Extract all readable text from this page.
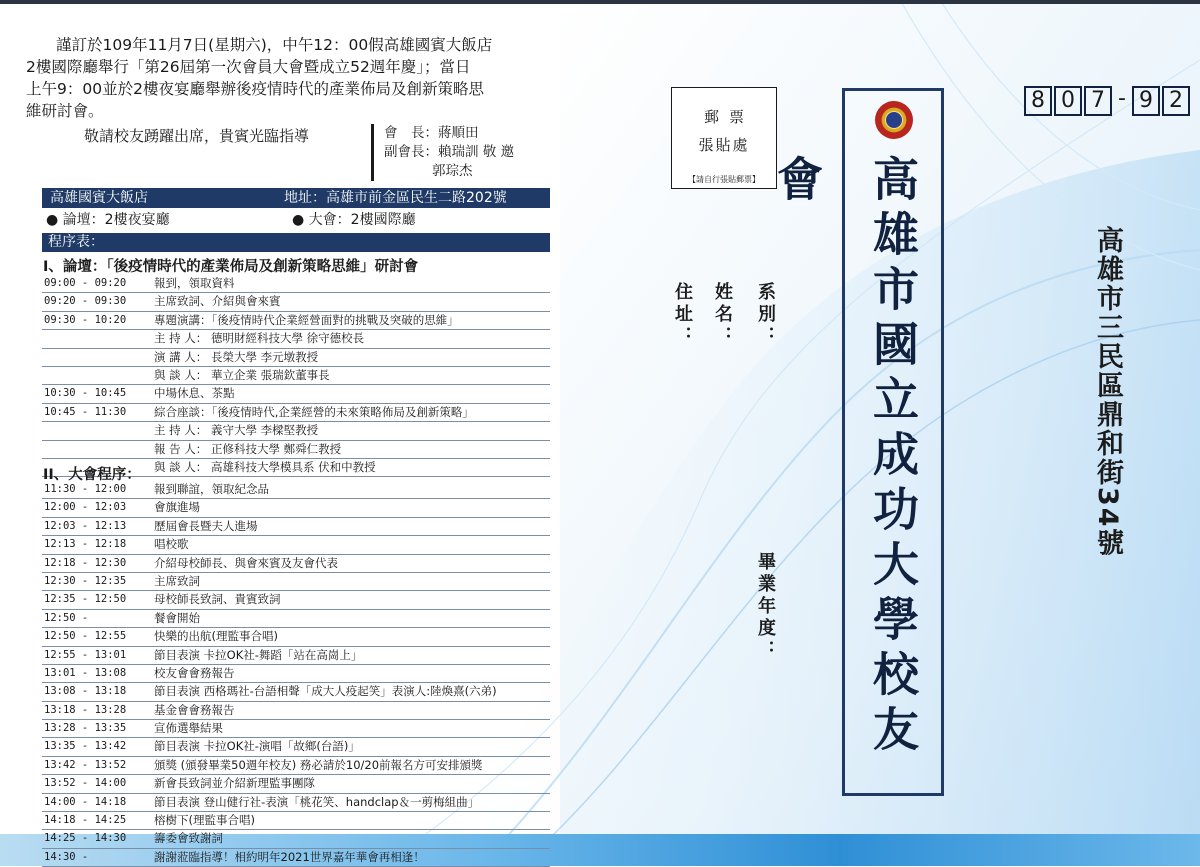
謹訂於109年11月7日(星期六)，中午12：00假高雄國賓大飯店

2樓國際廳舉行「第26屆第一次會員大會暨成立52週年慶」；當日

上午9：00並於2樓夜宴廳舉辦後疫情時代的產業佈局及創新策略思

維研討會。

敬請校友踴躍出席，貴賓光臨指導	會　長：蔣順田
副會長：賴瑞訓 敬 邀
郭琮杰
高雄國賓大飯店	地址：高雄市前金區民生二路202號
● 論壇：2樓夜宴廳	● 大會：2樓國際廳
程序表：
I、論壇：「後疫情時代的產業佈局及創新策略思維」研討會
09:00 - 09:20 報到，領取資料
09:20 - 09:30 主席致詞、介紹與會來賓
09:30 - 10:20 專題演講：「後疫情時代企業經營面對的挑戰及突破的思維」
主 持 人： 德明財經科技大學 徐守德校長
演 講 人： 長榮大學 李元墩教授
與 談 人： 華立企業 張瑞欽董事長
10:30 - 10:45 中場休息、茶點
10:45 - 11:30 綜合座談：「後疫情時代,企業經營的未來策略佈局及創新策略」
主 持 人： 義守大學 李樑堅教授
報 告 人： 正修科技大學 鄭舜仁教授
與 談 人： 高雄科技大學模具系 伏和中教授
II、大會程序：
11:30 - 12:00 報到聯誼，領取紀念品
12:00 - 12:03 會旗進場
12:03 - 12:13 歷屆會長暨夫人進場
12:13 - 12:18 唱校歌
12:18 - 12:30 介紹母校師長、與會來賓及友會代表
12:30 - 12:35 主席致詞
12:35 - 12:50 母校師長致詞、貴賓致詞
12:50 -	餐會開始
12:50 - 12:55 快樂的出航(理監事合唱)
12:55 - 13:01 節目表演 卡拉OK社-舞蹈「站在高崗上」
13:01 - 13:08 校友會會務報告
13:08 - 13:18 節目表演 西格瑪社-台語相聲「成大人疫起笑」表演人:陸煥熹(六弟)
13:18 - 13:28 基金會會務報告
13:28 - 13:35 宣佈選舉結果
13:35 - 13:42 節目表演 卡拉OK社-演唱「故鄉(台語)」
13:42 - 13:52 頒獎 (頒發畢業50週年校友) 務必請於10/20前報名方可安排頒獎
13:52 - 14:00 新會長致詞並介紹新理監事團隊
14:00 - 14:18 節目表演 登山健行社-表演「桃花笑、handclap＆一剪梅組曲」
14:18 - 14:25 榕樹下(理監事合唱)
14:25 - 14:30 籌委會致謝詞
14:30 -	謝謝蒞臨指導！相約明年2021世界嘉年華會再相逢！
郵票
張貼處
【請自行張貼郵票】
系別：
姓名：
住址：
畢業年度：	高雄市國立成功大學校友會
8 0 7 - 9 2
高雄市三民區鼎和街34號
